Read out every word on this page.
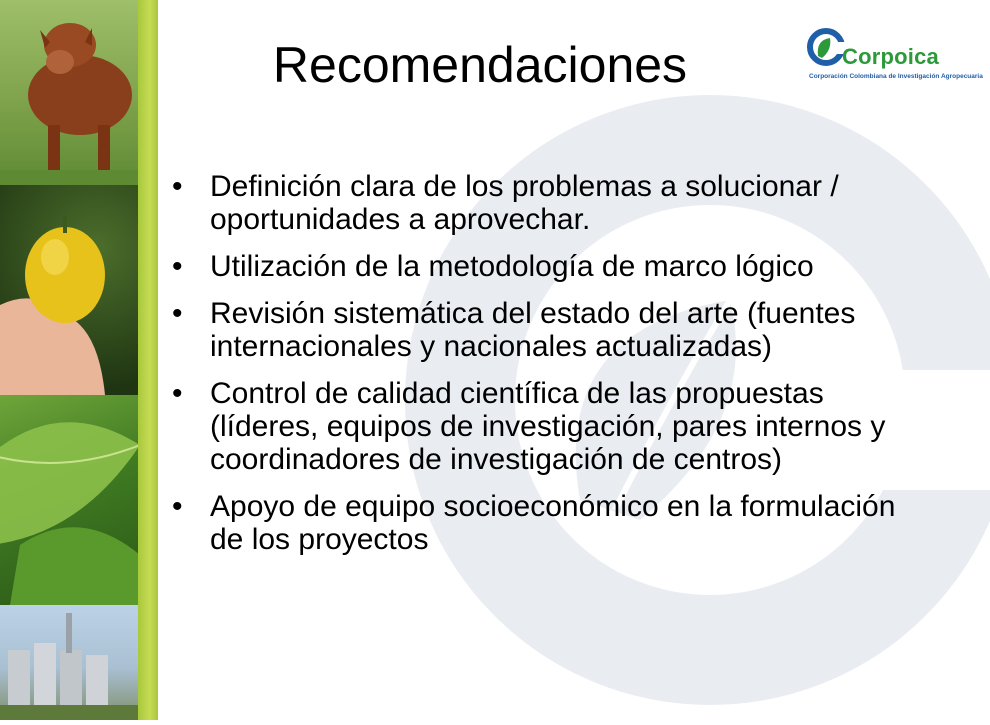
Recomendaciones	Corpoica
Corporación Colombiana de Investigación Agropecuaria
• Definición clara de los problemas a solucionar / oportunidades a aprovechar.
• Utilización de la metodología de marco lógico
• Revisión sistemática del estado del arte (fuentes internacionales y nacionales actualizadas)
• Control de calidad científica de las propuestas (líderes, equipos de investigación, pares internos y coordinadores de investigación de centros)
• Apoyo de equipo socioeconómico en la formulación de los proyectos
